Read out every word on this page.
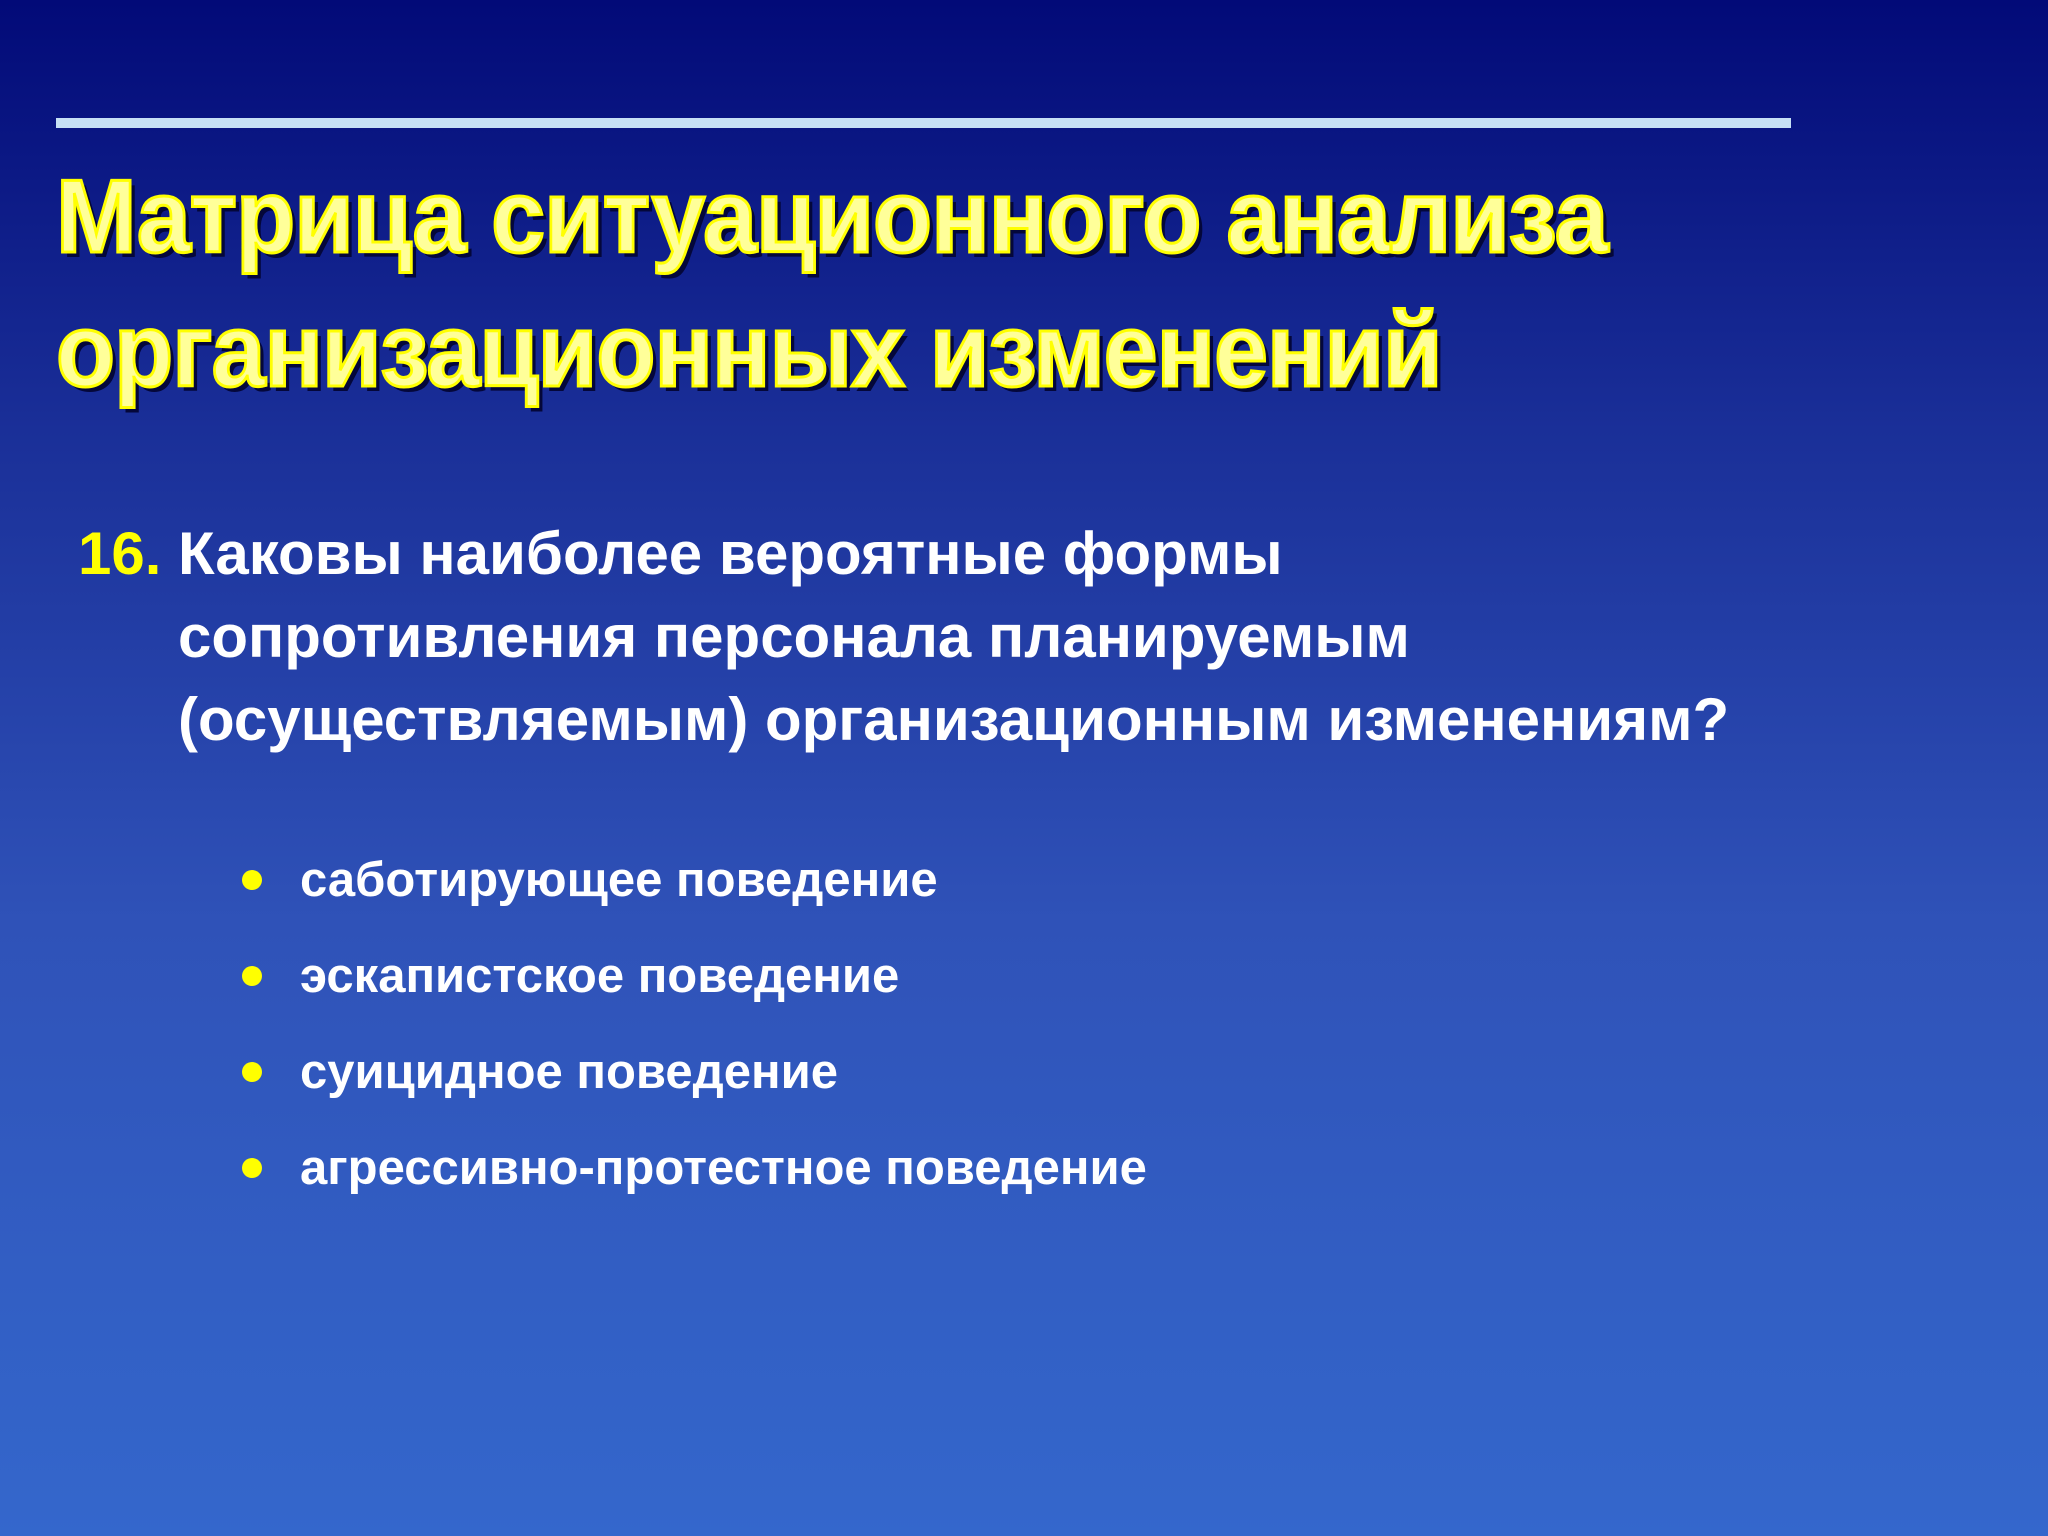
Матрица ситуационного анализа
организационных изменений
16. Каковы наиболее вероятные формы
сопротивления персонала планируемым
(осуществляемым) организационным изменениям?
саботирующее поведение
эскапистское поведение
суицидное поведение
агрессивно-протестное поведение
